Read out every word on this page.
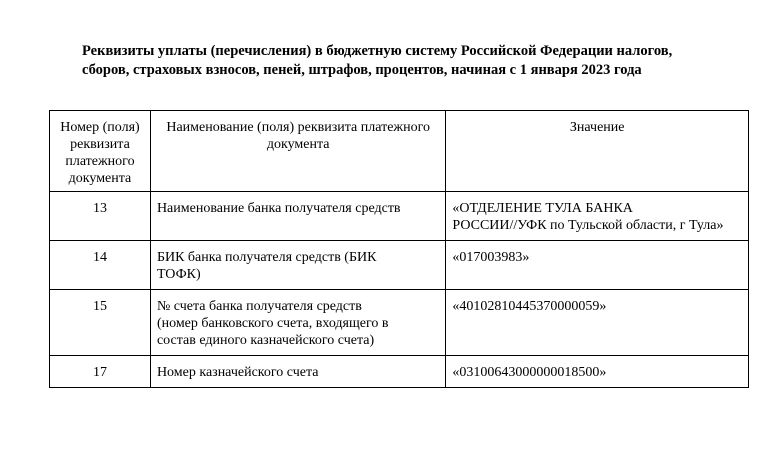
Реквизиты уплаты (перечисления) в бюджетную систему Российской Федерации налогов,
сборов, страховых взносов, пеней, штрафов, процентов, начиная с 1 января 2023 года
Номер (поля)
реквизита
платежного
документа	Наименование (поля) реквизита платежного
документа	Значение

13	Наименование банка получателя средств	«ОТДЕЛЕНИЕ ТУЛА БАНКА
РОССИИ//УФК по Тульской области, г Тула»

14	БИК банка получателя средств (БИК
ТОФК)	«017003983»

15	№ счета банка получателя средств
(номер банковского счета, входящего в
состав единого казначейского счета)	«40102810445370000059»

17	Номер казначейского счета	«03100643000000018500»
